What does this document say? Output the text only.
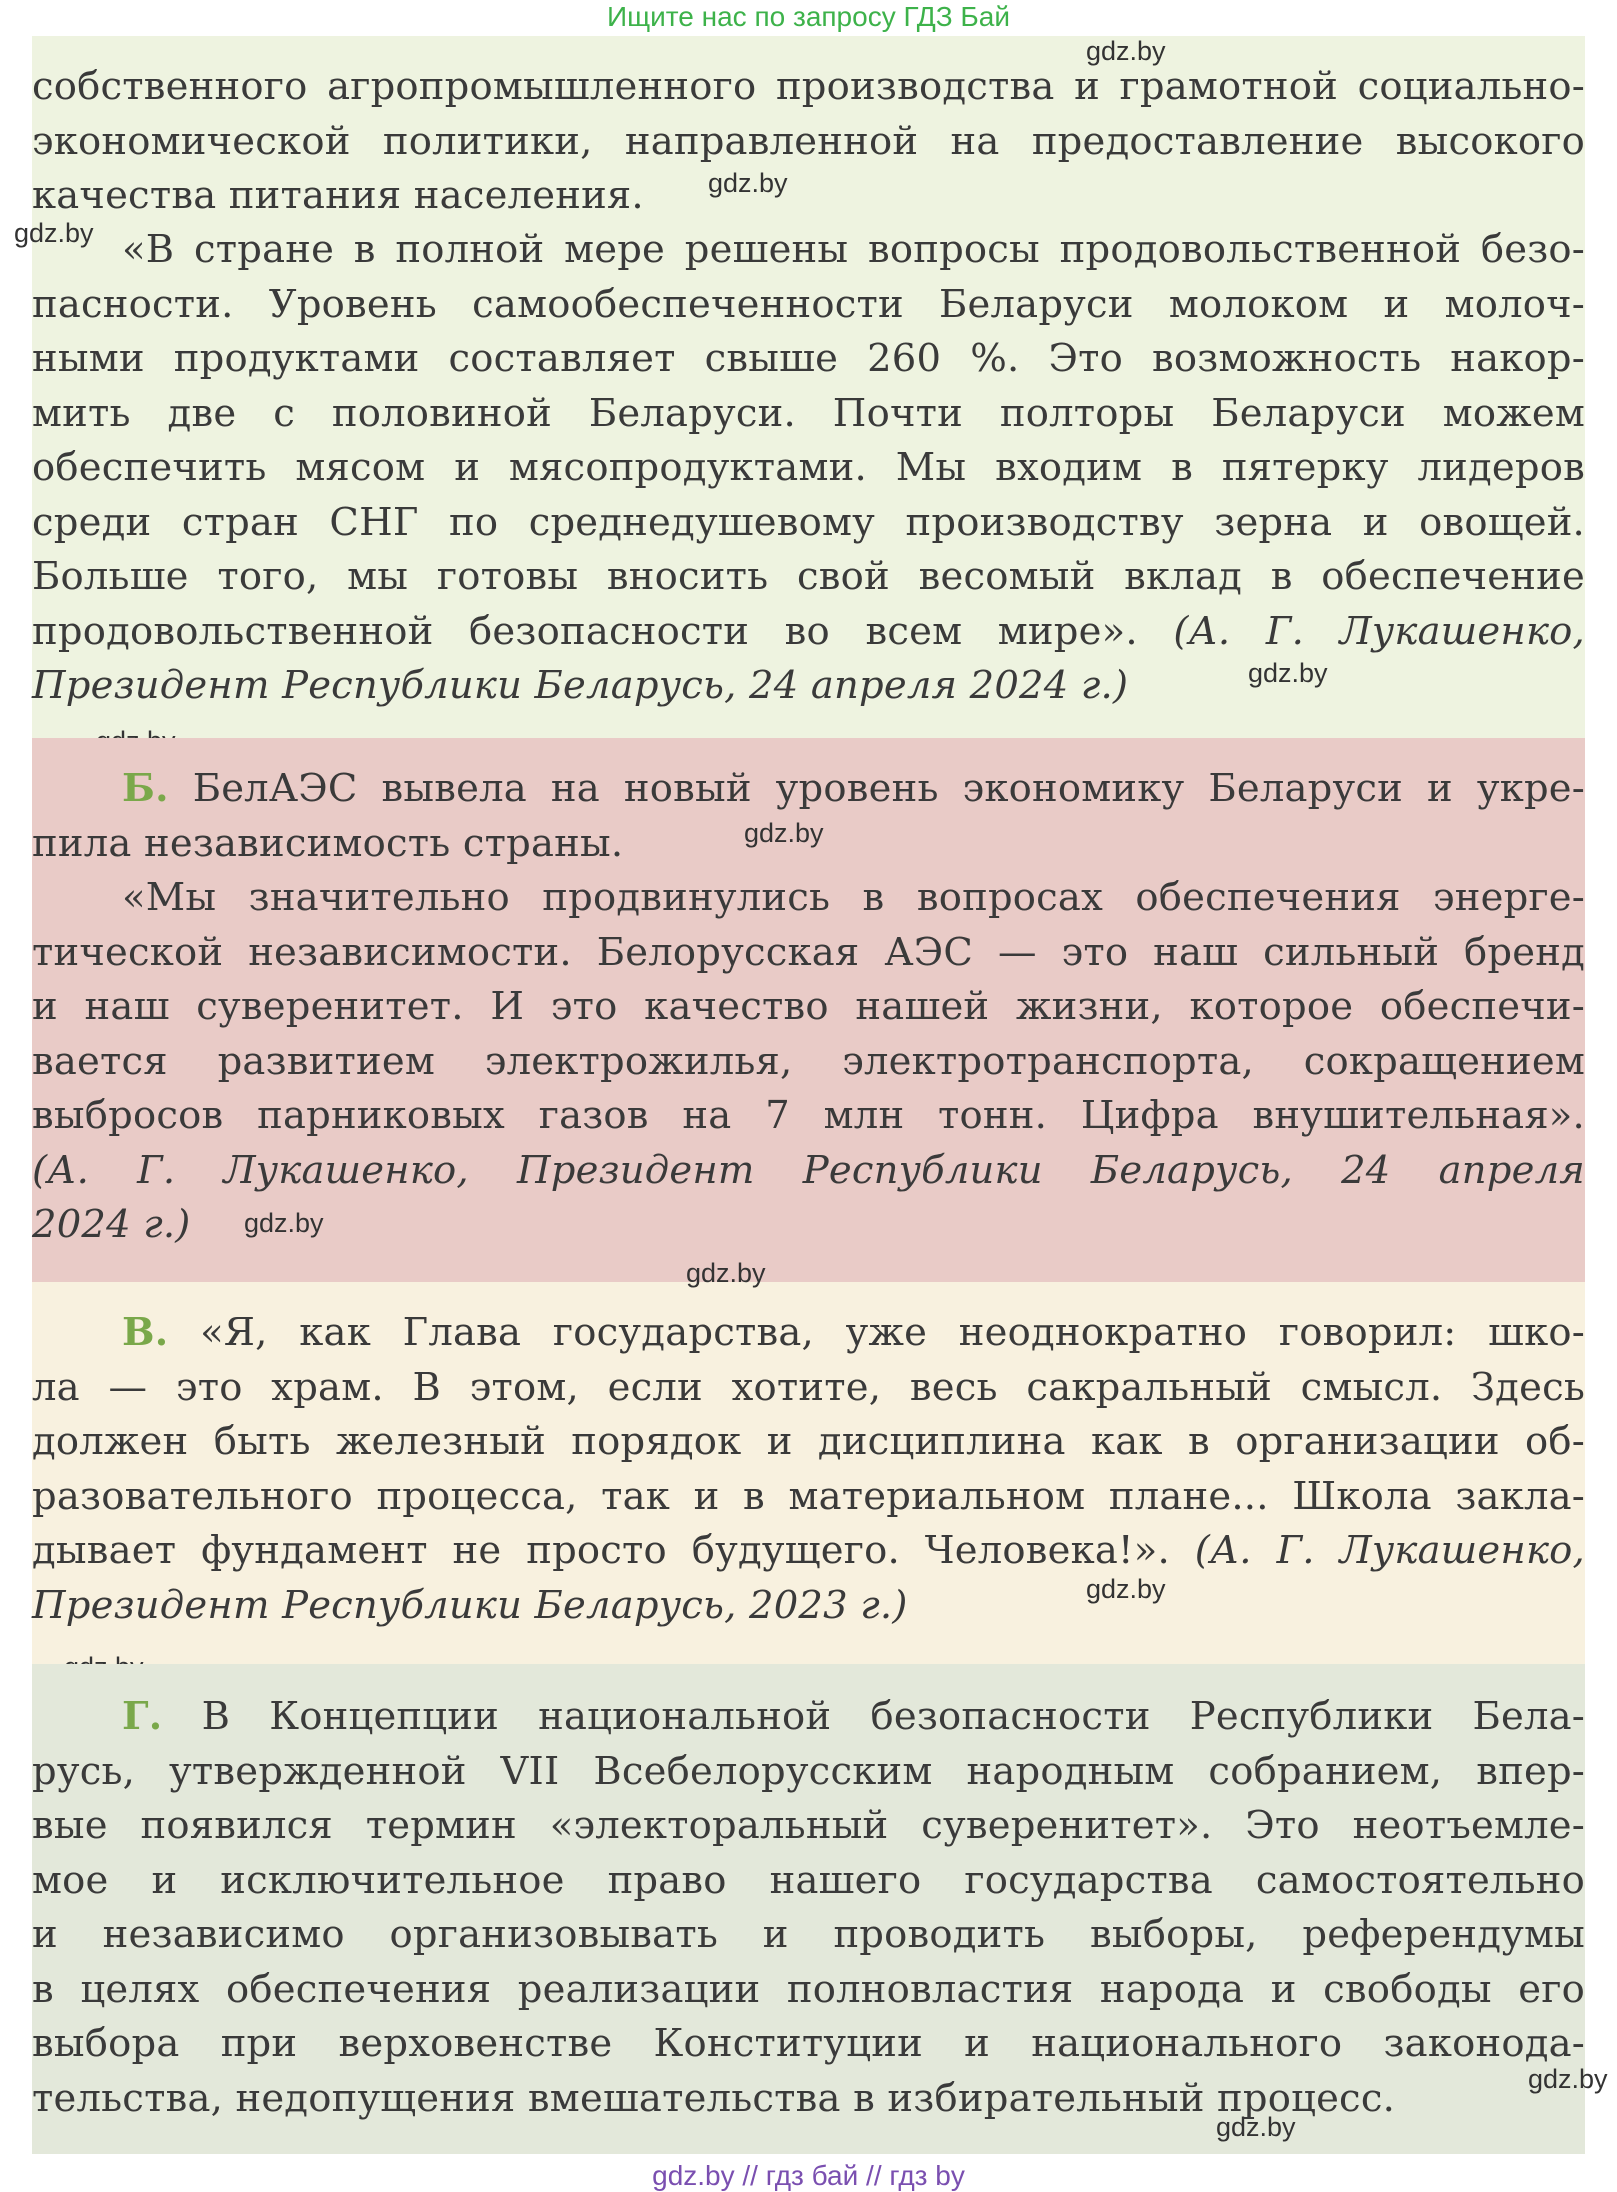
Ищите нас по запросу ГДЗ Бай
собственного агропромышленного производства и грамотной социально-
экономической политики, направленной на предоставление высокого
качества питания населения.
«В стране в полной мере решены вопросы продовольственной безо-
пасности. Уровень самообеспеченности Беларуси молоком и молоч-
ными продуктами составляет свыше 260 %. Это возможность накор-
мить две с половиной Беларуси. Почти полторы Беларуси можем
обеспечить мясом и мясопродуктами. Мы входим в пятерку лидеров
среди стран СНГ по среднедушевому производству зерна и овощей.
Больше того, мы готовы вносить свой весомый вклад в обеспечение
продовольственной безопасности во всем мире». (А. Г. Лукашенко,
Президент Республики Беларусь, 24 апреля 2024 г.)
gdz.by
gdz.by
gdz.by
gdz.by
Б. БелАЭС вывела на новый уровень экономику Беларуси и укре-
пила независимость страны.
«Мы значительно продвинулись в вопросах обеспечения энерге-
тической независимости. Белорусская АЭС — это наш сильный бренд
и наш суверенитет. И это качество нашей жизни, которое обеспечи-
вается развитием электрожилья, электротранспорта, сокращением
выбросов парниковых газов на 7 млн тонн. Цифра внушительная».
(А. Г. Лукашенко, Президент Республики Беларусь, 24 апреля
2024 г.)
gdz.by
gdz.by
В. «Я, как Глава государства, уже неоднократно говорил: шко-
ла — это храм. В этом, если хотите, весь сакральный смысл. Здесь
должен быть железный порядок и дисциплина как в организации об-
разовательного процесса, так и в материальном плане... Школа закла-
дывает фундамент не просто будущего. Человека!». (А. Г. Лукашенко,
Президент Республики Беларусь, 2023 г.)
gdz.by
gdz.by
Г. В Концепции национальной безопасности Республики Бела-
русь, утвержденной VII Всебелорусским народным собранием, впер-
вые появился термин «электоральный суверенитет». Это неотъемле-
мое и исключительное право нашего государства самостоятельно
и независимо организовывать и проводить выборы, референдумы
в целях обеспечения реализации полновластия народа и свободы его
выбора при верховенстве Конституции и национального законода-
тельства, недопущения вмешательства в избирательный процесс.	gdz.by
gdz.by
gdz.by // гдз бай // гдз by
